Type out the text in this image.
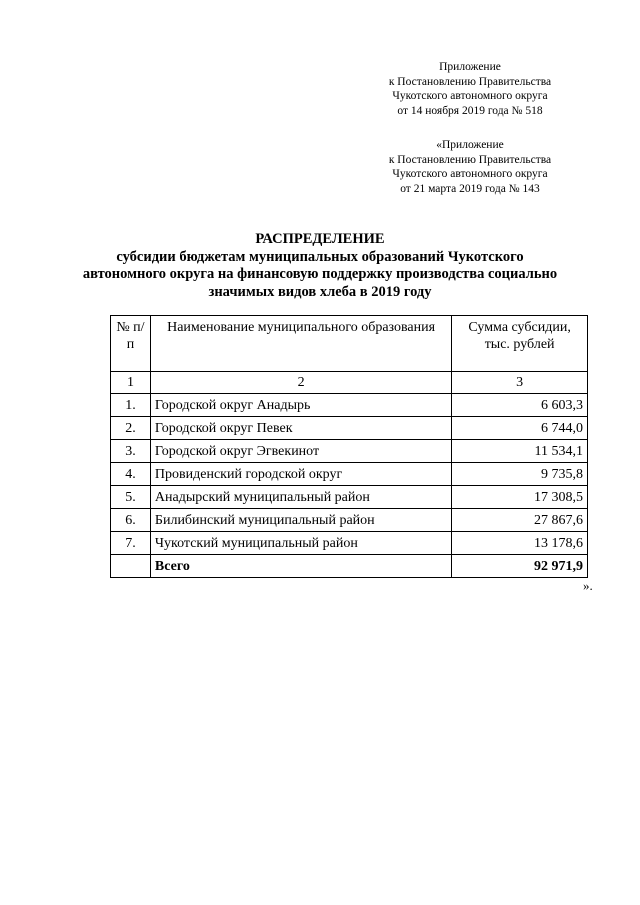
Приложение
к Постановлению Правительства
Чукотского автономного округа
от 14 ноября 2019 года № 518
«Приложение
к Постановлению Правительства
Чукотского автономного округа
от 21 марта 2019 года № 143
РАСПРЕДЕЛЕНИЕ
субсидии бюджетам муниципальных образований Чукотского автономного округа на финансовую поддержку производства социально значимых видов хлеба в 2019 году
№ п/п	Наименование муниципального образования	Сумма субсидии, тыс. рублей
1	2	3
1.	Городской округ Анадырь	6 603,3
2.	Городской округ Певек	6 744,0
3.	Городской округ Эгвекинот	11 534,1
4.	Провиденский городской округ	9 735,8
5.	Анадырский муниципальный район	17 308,5
6.	Билибинский муниципальный район	27 867,6
7.	Чукотский муниципальный район	13 178,6
	Всего	92 971,9
».
